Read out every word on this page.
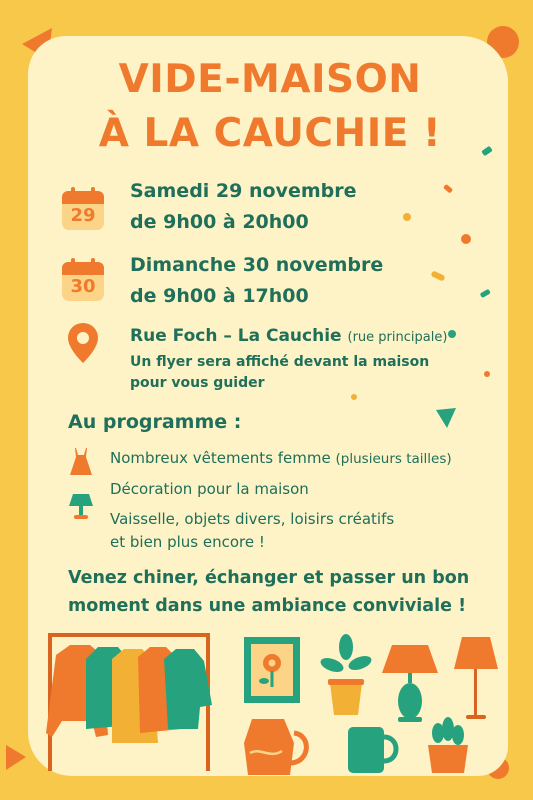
VIDE-MAISON
À LA CAUCHIE !
29
Samedi 29 novembre
de 9h00 à 20h00
30
Dimanche 30 novembre
de 9h00 à 17h00
Rue Foch – La Cauchie (rue principale)
Un flyer sera affiché devant la maison
pour vous guider
Au programme :
Nombreux vêtements femme (plusieurs tailles)
Décoration pour la maison
Vaisselle, objets divers, loisirs créatifs
et bien plus encore !
Venez chiner, échanger et passer un bon moment dans une ambiance conviviale !
